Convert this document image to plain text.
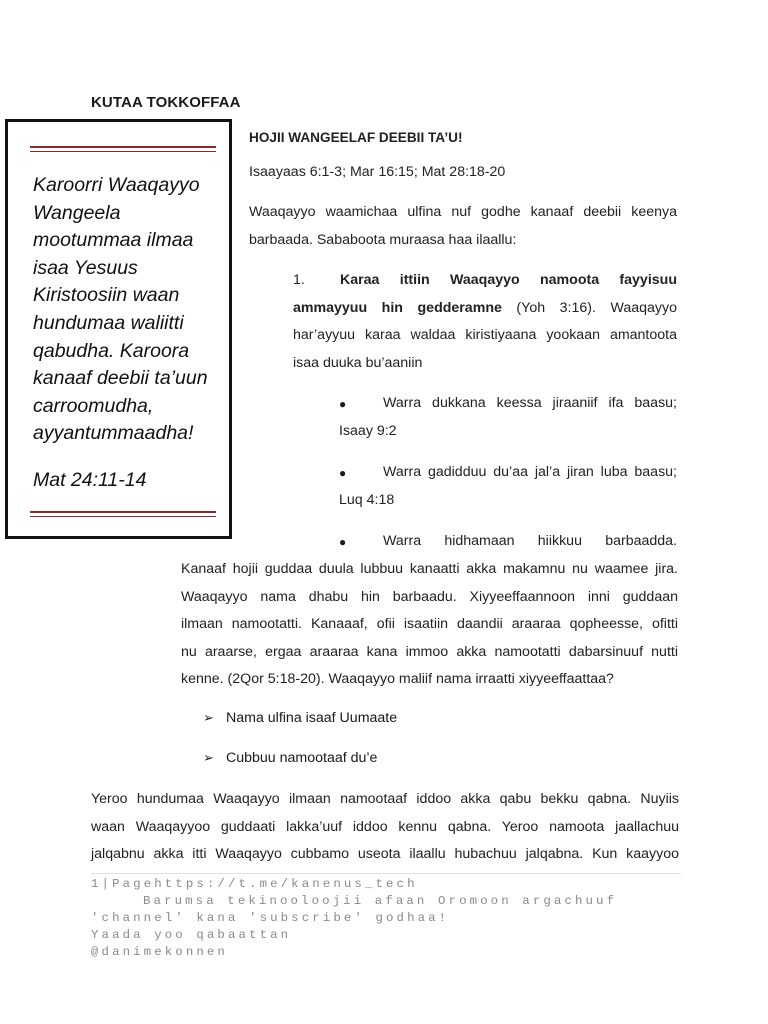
KUTAA TOKKOFFAA
Karoorri Waaqayyo
Wangeela
mootummaa ilmaa
isaa Yesuus
Kiristoosiin waan
hundumaa waliitti
qabudha. Karoora
kanaaf deebii ta’uun
carroomudha,
ayyantummaadha!
Mat 24:11-14
HOJII WANGEELAF DEEBII TA’U!
Isaayaas 6:1-3; Mar 16:15; Mat 28:18-20
Waaqayyo waamichaa ulfina nuf godhe kanaaf deebii keenya
barbaada. Sababoota muraasa haa ilaallu:
1. Karaa ittiin Waaqayyo namoota fayyisuu
ammayyuu hin gedderamne (Yoh 3:16). Waaqayyo
har’ayyuu karaa waldaa kiristiyaana yookaan amantoota
isaa duuka bu’aaniin
●	Warra dukkana keessa jiraaniif ifa baasu;
Isaay 9:2
●	Warra gadidduu du’aa jal’a jiran luba baasu;
Luq 4:18
●	Warra hidhamaan hiikkuu barbaadda.
Kanaaf hojii guddaa duula lubbuu kanaatti akka makamnu nu waamee jira.
Waaqayyo nama dhabu hin barbaadu. Xiyyeeffaannoon inni guddaan
ilmaan namootatti. Kanaaaf, ofii isaatiin daandii araaraa qopheesse, ofitti
nu araarse, ergaa araaraa kana immoo akka namootatti dabarsinuuf nutti
kenne. (2Qor 5:18-20). Waaqayyo maliif nama irraatti xiyyeeffaattaa?
➢ Nama ulfina isaaf Uumaate
➢ Cubbuu namootaaf du’e
Yeroo hundumaa Waaqayyo ilmaan namootaaf iddoo akka qabu bekku qabna. Nuyiis
waan Waaqayyoo guddaati lakka’uuf iddoo kennu qabna. Yeroo namoota jaallachuu
jalqabnu akka itti Waaqayyo cubbamo useota ilaallu hubachuu jalqabna. Kun kaayyoo
1|Pagehttps://t.me/kanenus_tech
Barumsa tekinooloojii afaan Oromoon argachuuf
'channel' kana 'subscribe' godhaa!
Yaada yoo qabaattan
@danimekonnen
